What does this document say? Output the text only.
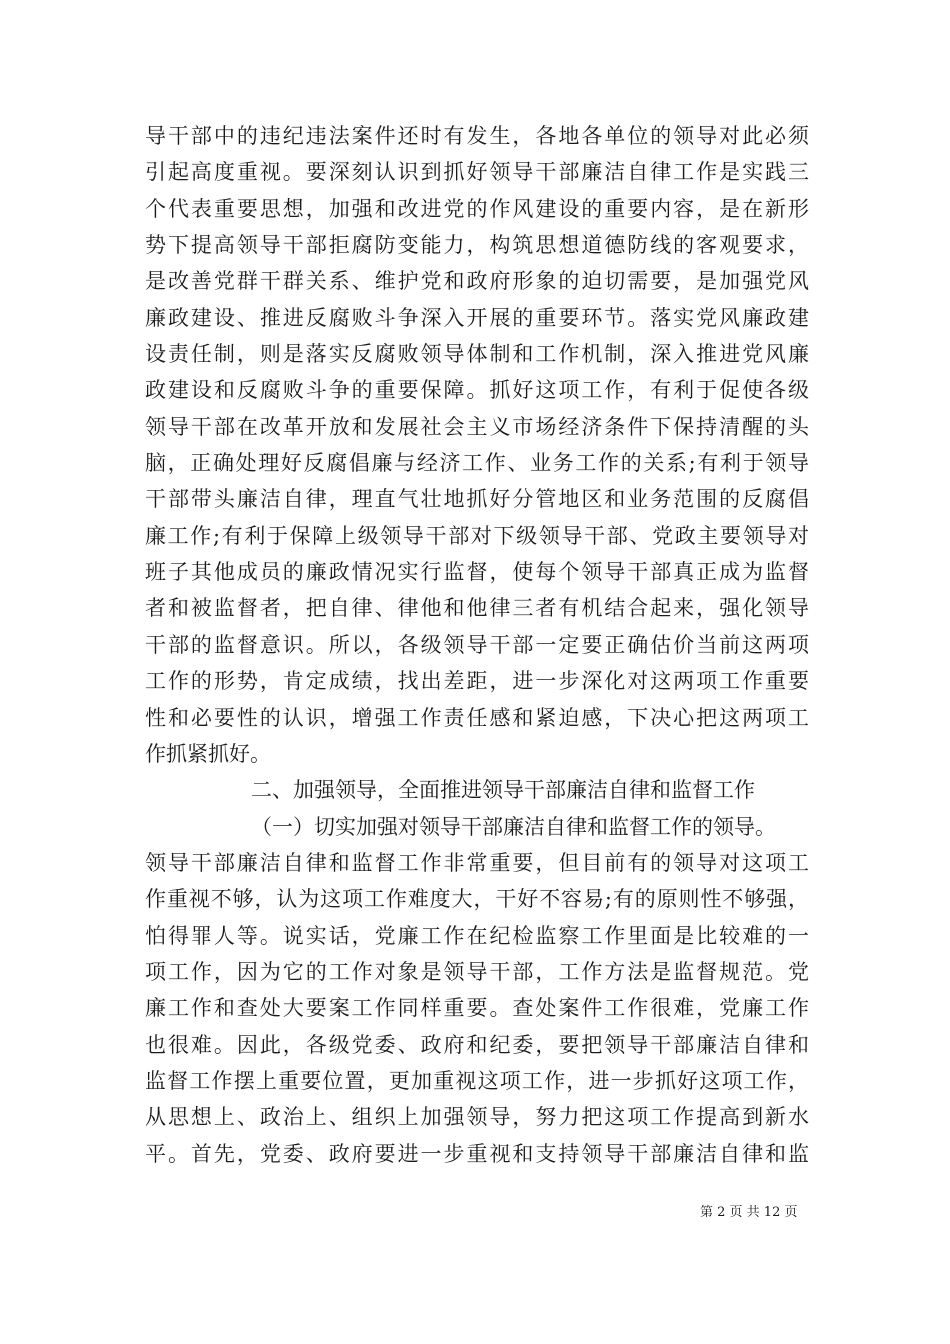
导干部中的违纪违法案件还时有发生，各地各单位的领导对此必须
引起高度重视。要深刻认识到抓好领导干部廉洁自律工作是实践三
个代表重要思想，加强和改进党的作风建设的重要内容，是在新形
势下提高领导干部拒腐防变能力，构筑思想道德防线的客观要求，
是改善党群干群关系、维护党和政府形象的迫切需要，是加强党风
廉政建设、推进反腐败斗争深入开展的重要环节。落实党风廉政建
设责任制，则是落实反腐败领导体制和工作机制，深入推进党风廉
政建设和反腐败斗争的重要保障。抓好这项工作，有利于促使各级
领导干部在改革开放和发展社会主义市场经济条件下保持清醒的头
脑，正确处理好反腐倡廉与经济工作、业务工作的关系;有利于领导
干部带头廉洁自律，理直气壮地抓好分管地区和业务范围的反腐倡
廉工作;有利于保障上级领导干部对下级领导干部、党政主要领导对
班子其他成员的廉政情况实行监督，使每个领导干部真正成为监督
者和被监督者，把自律、律他和他律三者有机结合起来，强化领导
干部的监督意识。所以，各级领导干部一定要正确估价当前这两项
工作的形势，肯定成绩，找出差距，进一步深化对这两项工作重要
性和必要性的认识，增强工作责任感和紧迫感，下决心把这两项工
作抓紧抓好。
二、加强领导，全面推进领导干部廉洁自律和监督工作
（一）切实加强对领导干部廉洁自律和监督工作的领导。
领导干部廉洁自律和监督工作非常重要，但目前有的领导对这项工
作重视不够，认为这项工作难度大，干好不容易;有的原则性不够强，
怕得罪人等。说实话，党廉工作在纪检监察工作里面是比较难的一
项工作，因为它的工作对象是领导干部，工作方法是监督规范。党
廉工作和查处大要案工作同样重要。查处案件工作很难，党廉工作
也很难。因此，各级党委、政府和纪委，要把领导干部廉洁自律和
监督工作摆上重要位置，更加重视这项工作，进一步抓好这项工作，
从思想上、政治上、组织上加强领导，努力把这项工作提高到新水
平。首先，党委、政府要进一步重视和支持领导干部廉洁自律和监
第 2 页 共 12 页
